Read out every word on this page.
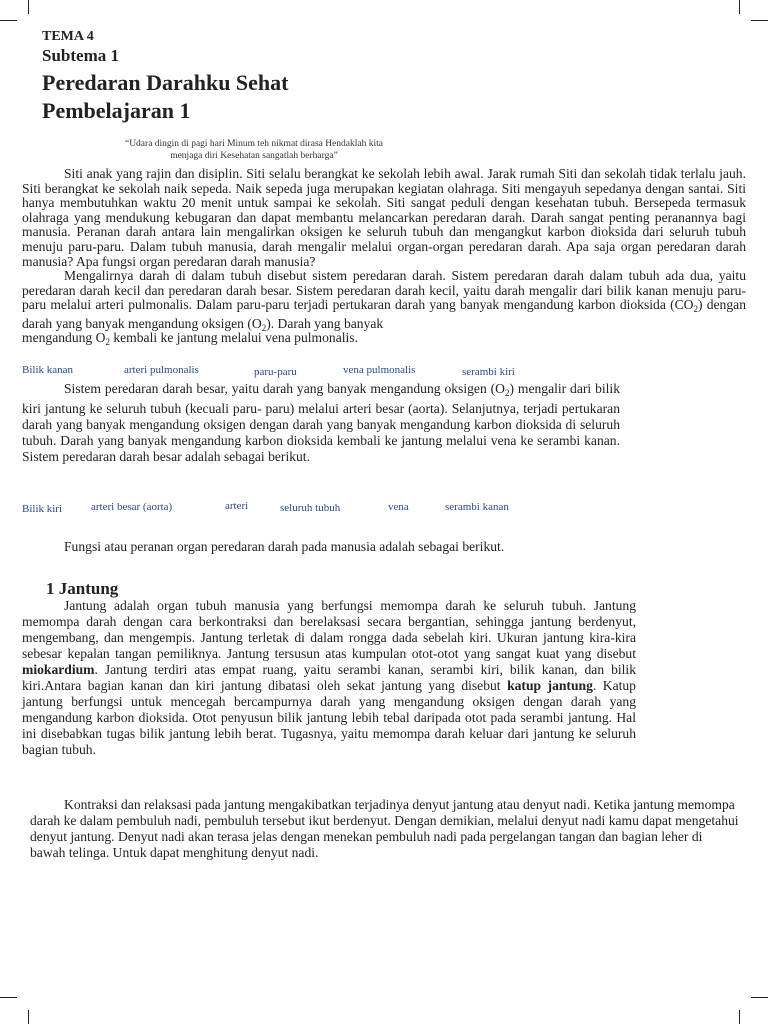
TEMA 4
Subtema 1
Peredaran Darahku Sehat
Pembelajaran 1
“Udara dingin di pagi hari Minum teh nikmat dirasa Hendaklah kita
menjaga diri Kesehatan sangatlah berharga”
Siti anak yang rajin dan disiplin. Siti selalu berangkat ke sekolah lebih awal. Jarak rumah Siti dan sekolah tidak terlalu jauh. Siti berangkat ke sekolah naik sepeda. Naik sepeda juga merupakan kegiatan olahraga. Siti mengayuh sepedanya dengan santai. Siti hanya membutuhkan waktu 20 menit untuk sampai ke sekolah. Siti sangat peduli dengan kesehatan tubuh. Bersepeda termasuk olahraga yang mendukung kebugaran dan dapat membantu melancarkan peredaran darah. Darah sangat penting peranannya bagi manusia. Peranan darah antara lain mengalirkan oksigen ke seluruh tubuh dan mengangkut karbon dioksida dari seluruh tubuh menuju paru-paru. Dalam tubuh manusia, darah mengalir melalui organ-organ peredaran darah. Apa saja organ peredaran darah manusia? Apa fungsi organ peredaran darah manusia?
Mengalirnya darah di dalam tubuh disebut sistem peredaran darah. Sistem peredaran darah dalam tubuh ada dua, yaitu peredaran darah kecil dan peredaran darah besar. Sistem peredaran darah kecil, yaitu darah mengalir dari bilik kanan menuju paru-paru melalui arteri pulmonalis. Dalam paru-paru terjadi pertukaran darah yang banyak mengandung karbon dioksida $(CO_2)$ dengan darah yang banyak mengandung oksigen $(O_2)$. Darah yang banyak
mengandung $O_2$ kembali ke jantung melalui vena pulmonalis.
Bilik kanan	arteri pulmonalis	paru-paru	vena pulmonalis	serambi kiri
Sistem peredaran darah besar, yaitu darah yang banyak mengandung oksigen $(O_2)$ mengalir dari bilik kiri jantung ke seluruh tubuh (kecuali paru- paru) melalui arteri besar (aorta). Selanjutnya, terjadi pertukaran darah yang banyak mengandung oksigen dengan darah yang banyak mengandung karbon dioksida di seluruh tubuh. Darah yang banyak mengandung karbon dioksida kembali ke jantung melalui vena ke serambi kanan. Sistem peredaran darah besar adalah sebagai berikut.
Bilik kiri	arteri besar (aorta)	arteri	seluruh tubuh	vena	serambi kanan
Fungsi atau peranan organ peredaran darah pada manusia adalah sebagai berikut.
1 Jantung
Jantung adalah organ tubuh manusia yang berfungsi memompa darah ke seluruh tubuh. Jantung memompa darah dengan cara berkontraksi dan berelaksasi secara bergantian, sehingga jantung berdenyut, mengembang, dan mengempis. Jantung terletak di dalam rongga dada sebelah kiri. Ukuran jantung kira-kira sebesar kepalan tangan pemiliknya. Jantung tersusun atas kumpulan otot-otot yang sangat kuat yang disebut miokardium. Jantung terdiri atas empat ruang, yaitu serambi kanan, serambi kiri, bilik kanan, dan bilik kiri.Antara bagian kanan dan kiri jantung dibatasi oleh sekat jantung yang disebut katup jantung. Katup jantung berfungsi untuk mencegah bercampurnya darah yang mengandung oksigen dengan darah yang mengandung karbon dioksida. Otot penyusun bilik jantung lebih tebal daripada otot pada serambi jantung. Hal ini disebabkan tugas bilik jantung lebih berat. Tugasnya, yaitu memompa darah keluar dari jantung ke seluruh bagian tubuh.
Kontraksi dan relaksasi pada jantung mengakibatkan terjadinya denyut jantung atau denyut nadi. Ketika jantung memompa darah ke dalam pembuluh nadi, pembuluh tersebut ikut berdenyut. Dengan demikian, melalui denyut nadi kamu dapat mengetahui denyut jantung. Denyut nadi akan terasa jelas dengan menekan pembuluh nadi pada pergelangan tangan dan bagian leher di bawah telinga. Untuk dapat menghitung denyut nadi.
